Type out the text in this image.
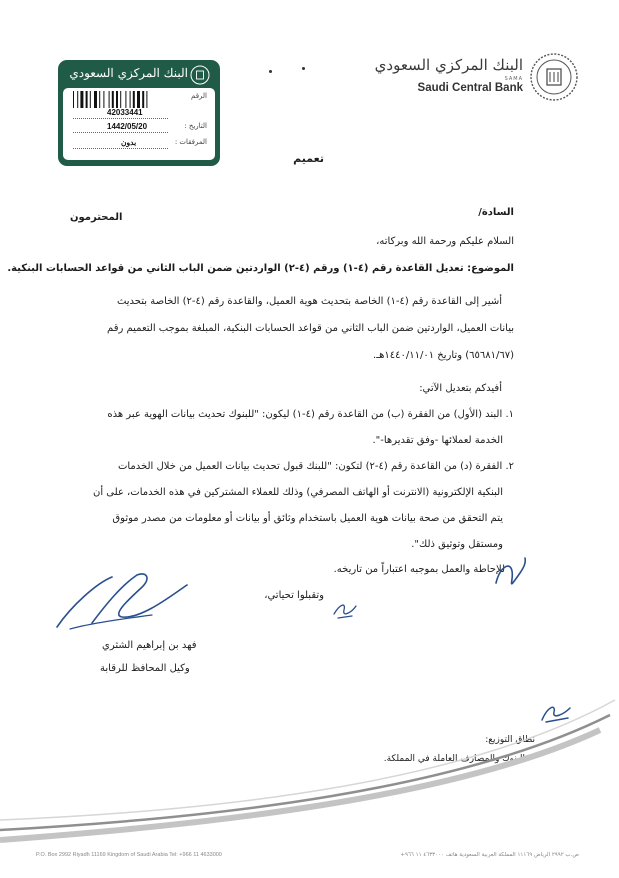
البنك المركزي السعودي
SAMA
Saudi Central Bank
البنك المركزي السعودي
الرقم
42033441
التاريخ :
1442/05/20
المرفقات :
بدون
تعميم
السادة/
المحترمون
السلام عليكم ورحمة الله وبركاته،
الموضوع: تعديل القاعدة رقم (٤-١) ورقم (٤-٢) الواردتين ضمن الباب الثاني من قواعد الحسابات البنكية.
أشير إلى القاعدة رقم (٤-١) الخاصة بتحديث هوية العميل، والقاعدة رقم (٤-٢) الخاصة بتحديث
بيانات العميل، الواردتين ضمن الباب الثاني من قواعد الحسابات البنكية، المبلغة بموجب التعميم رقم
(٦٥٦٨١/٦٧) وتاريخ ١٤٤٠/١١/٠١هـ.
أفيدكم بتعديل الآتي:
١. البند (الأول) من الفقرة (ب) من القاعدة رقم (٤-١) ليكون: "للبنوك تحديث بيانات الهوية عبر هذه
الخدمة لعملائها -وفق تقديرها-".
٢. الفقرة (د) من القاعدة رقم (٤-٢) لتكون: "للبنك قبول تحديث بيانات العميل من خلال الخدمات
البنكية الإلكترونية (الانترنت أو الهاتف المصرفي) وذلك للعملاء المشتركين في هذه الخدمات، على أن
يتم التحقق من صحة بيانات هوية العميل باستخدام وثائق أو بيانات أو معلومات من مصدر موثوق
ومستقل وتوثيق ذلك".
للإحاطة والعمل بموجبه اعتباراً من تاريخه.
وتقبلوا تحياتي،
فهد بن إبراهيم الشثري
وكيل المحافظ للرقابة
نطاق التوزيع:
–
البنوك والمصارف العاملة في المملكة.
P.O. Box 2992 Riyadh 11169 Kingdom of Saudi Arabia Tel: +966 11 4633000	ص.ب ٢٩٩٢ الرياض ١١١٦٩ المملكة العربية السعودية هاتف ٤٦٣٣٠٠٠ ١١ ٩٦٦+
